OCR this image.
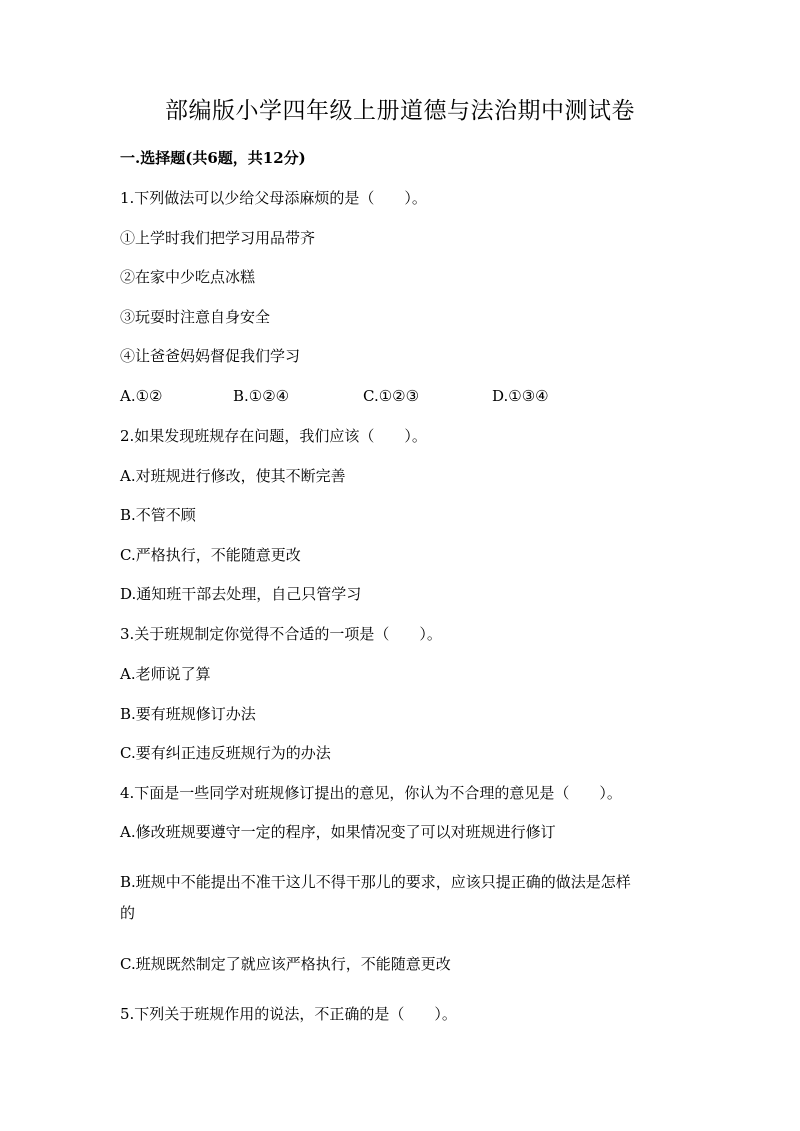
部编版小学四年级上册道德与法治期中测试卷
一.选择题(共6题，共12分)
1.下列做法可以少给父母添麻烦的是（　　）。
①上学时我们把学习用品带齐
②在家中少吃点冰糕
③玩耍时注意自身安全
④让爸爸妈妈督促我们学习
A.①②	B.①②④	C.①②③	D.①③④
2.如果发现班规存在问题，我们应该（　　）。
A.对班规进行修改，使其不断完善
B.不管不顾
C.严格执行，不能随意更改
D.通知班干部去处理，自己只管学习
3.关于班规制定你觉得不合适的一项是（　　）。
A.老师说了算
B.要有班规修订办法
C.要有纠正违反班规行为的办法
4.下面是一些同学对班规修订提出的意见，你认为不合理的意见是（　　）。
A.修改班规要遵守一定的程序，如果情况变了可以对班规进行修订
B.班规中不能提出不准干这儿不得干那儿的要求，应该只提正确的做法是怎样
的
C.班规既然制定了就应该严格执行，不能随意更改
5.下列关于班规作用的说法，不正确的是（　　）。
